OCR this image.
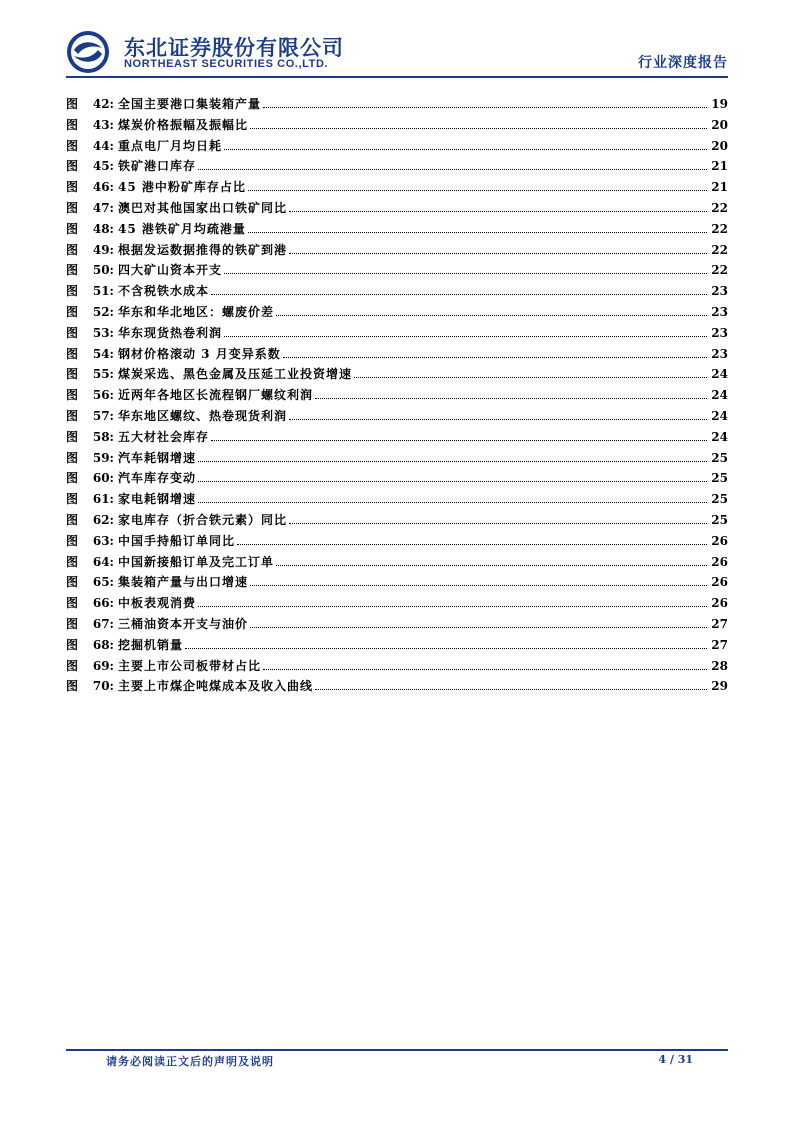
东北证券股份有限公司
NORTHEAST SECURITIES CO.,LTD.	行业深度报告
图 42: 全国主要港口集装箱产量	19
图 43: 煤炭价格振幅及振幅比	20
图 44: 重点电厂月均日耗	20
图 45: 铁矿港口库存	21
图 46: 45 港中粉矿库存占比	21
图 47: 澳巴对其他国家出口铁矿同比	22
图 48: 45 港铁矿月均疏港量	22
图 49: 根据发运数据推得的铁矿到港	22
图 50: 四大矿山资本开支	22
图 51: 不含税铁水成本	23
图 52: 华东和华北地区：螺废价差	23
图 53: 华东现货热卷利润	23
图 54: 钢材价格滚动 3 月变异系数	23
图 55: 煤炭采选、黑色金属及压延工业投资增速	24
图 56: 近两年各地区长流程钢厂螺纹利润	24
图 57: 华东地区螺纹、热卷现货利润	24
图 58: 五大材社会库存	24
图 59: 汽车耗钢增速	25
图 60: 汽车库存变动	25
图 61: 家电耗钢增速	25
图 62: 家电库存（折合铁元素）同比	25
图 63: 中国手持船订单同比	26
图 64: 中国新接船订单及完工订单	26
图 65: 集装箱产量与出口增速	26
图 66: 中板表观消费	26
图 67: 三桶油资本开支与油价	27
图 68: 挖掘机销量	27
图 69: 主要上市公司板带材占比	28
图 70: 主要上市煤企吨煤成本及收入曲线	29
请务必阅读正文后的声明及说明	4 / 31
